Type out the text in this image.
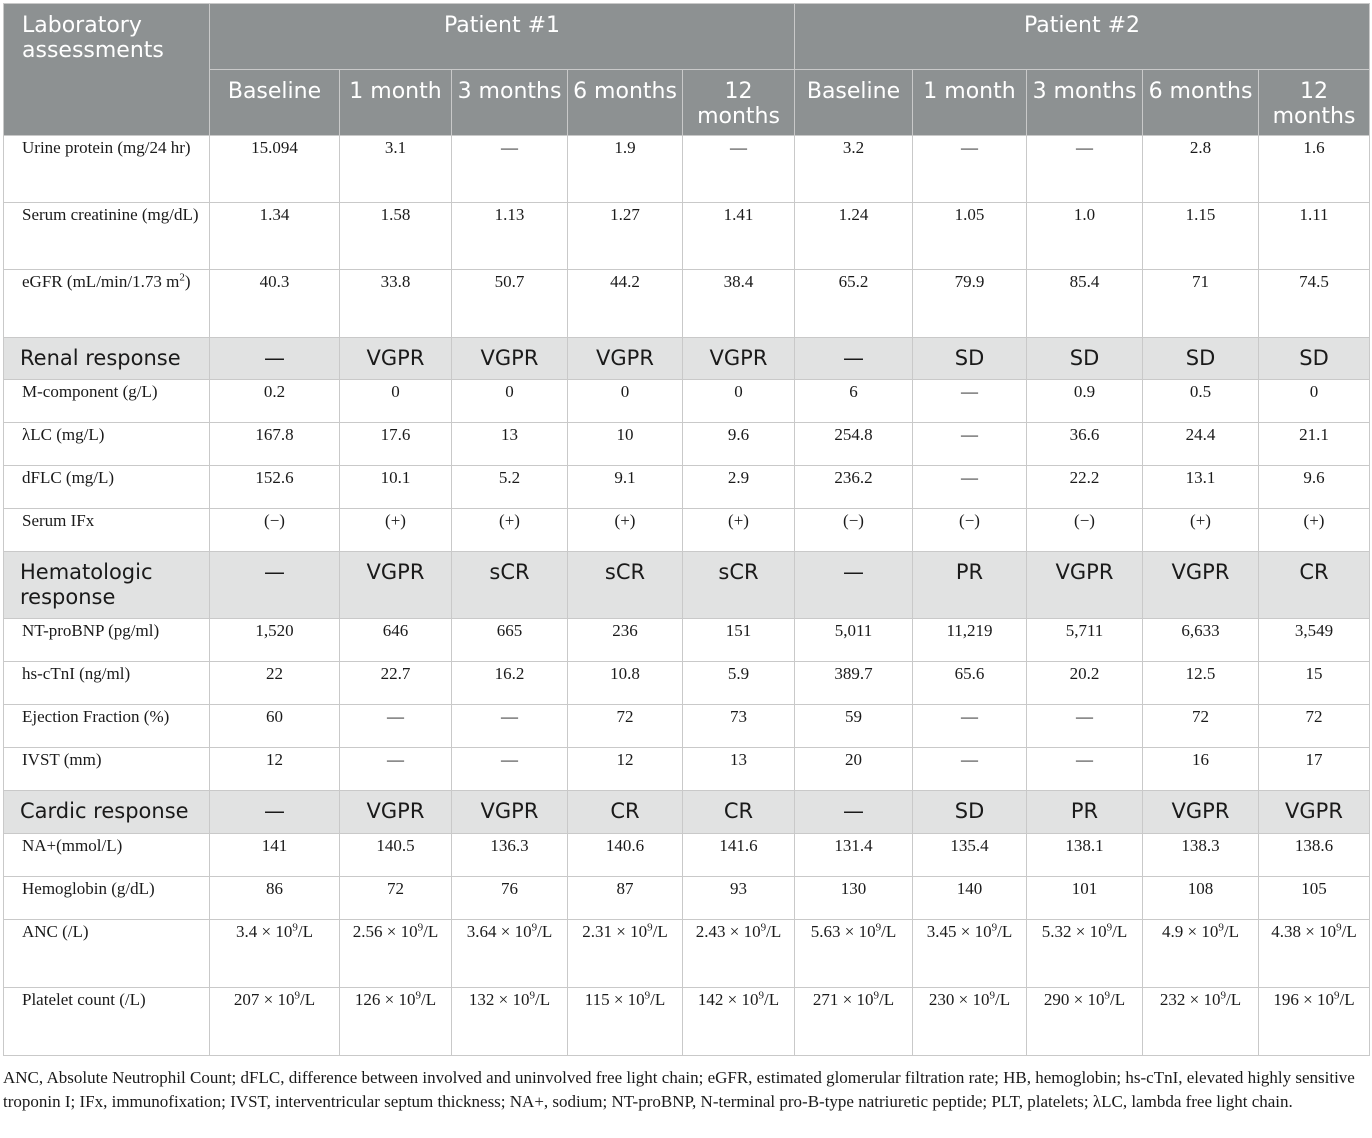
Laboratory assessments	Patient #1					Patient #2				
	Baseline	1 month	3 months	6 months	12 months	Baseline	1 month	3 months	6 months	12 months
Urine protein (mg/24 hr)	15.094	3.1	—	1.9	—	3.2	—	—	2.8	1.6
Serum creatinine (mg/dL)	1.34	1.58	1.13	1.27	1.41	1.24	1.05	1.0	1.15	1.11
eGFR (mL/min/1.73 $m^2$)	40.3	33.8	50.7	44.2	38.4	65.2	79.9	85.4	71	74.5
Renal response	—	VGPR	VGPR	VGPR	VGPR	—	SD	SD	SD	SD
M-component (g/L)	0.2	0	0	0	0	6	—	0.9	0.5	0
λLC (mg/L)	167.8	17.6	13	10	9.6	254.8	—	36.6	24.4	21.1
dFLC (mg/L)	152.6	10.1	5.2	9.1	2.9	236.2	—	22.2	13.1	9.6
Serum IFx	(−)	(+)	(+)	(+)	(+)	(−)	(−)	(−)	(+)	(+)
Hematologic response	—	VGPR	sCR	sCR	sCR	—	PR	VGPR	VGPR	CR
NT-proBNP (pg/ml)	1,520	646	665	236	151	5,011	11,219	5,711	6,633	3,549
hs-cTnI (ng/ml)	22	22.7	16.2	10.8	5.9	389.7	65.6	20.2	12.5	15
Ejection Fraction (%)	60	—	—	72	73	59	—	—	72	72
IVST (mm)	12	—	—	12	13	20	—	—	16	17
Cardic response	—	VGPR	VGPR	CR	CR	—	SD	PR	VGPR	VGPR
NA+(mmol/L)	141	140.5	136.3	140.6	141.6	131.4	135.4	138.1	138.3	138.6
Hemoglobin (g/dL)	86	72	76	87	93	130	140	101	108	105
ANC (/L)	$3.4 \times 10^9/L$	$2.56 \times 10^9/L$	$3.64 \times 10^9/L$	$2.31 \times 10^9/L$	$2.43 \times 10^9/L$	$5.63 \times 10^9/L$	$3.45 \times 10^9/L$	$5.32 \times 10^9/L$	$4.9 \times 10^9/L$	$4.38 \times 10^9/L$
Platelet count (/L)	$207 \times 10^9/L$	$126 \times 10^9/L$	$132 \times 10^9/L$	$115 \times 10^9/L$	$142 \times 10^9/L$	$271 \times 10^9/L$	$230 \times 10^9/L$	$290 \times 10^9/L$	$232 \times 10^9/L$	$196 \times 10^9/L$

ANC, Absolute Neutrophil Count; dFLC, difference between involved and uninvolved free light chain; eGFR, estimated glomerular filtration rate; HB, hemoglobin; hs-cTnI, elevated highly sensitive troponin I; IFx, immunofixation; IVST, interventricular septum thickness; NA+, sodium; NT-proBNP, N-terminal pro-B-type natriuretic peptide; PLT, platelets; λLC, lambda free light chain.
